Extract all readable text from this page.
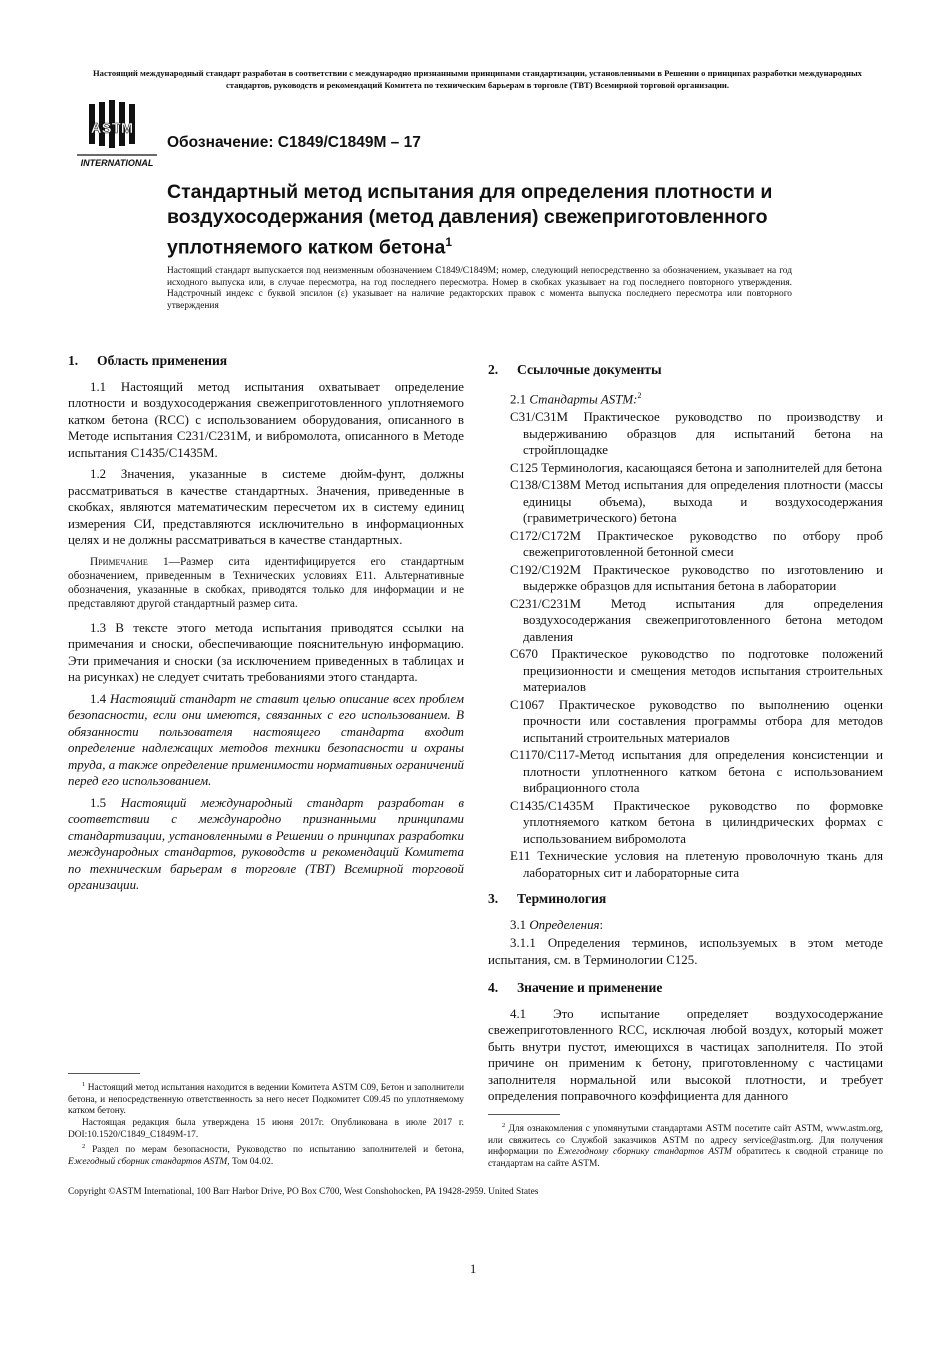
Настоящий международный стандарт разработан в соответствии с международно признанными принципами стандартизации, установленными в Решении о принципах разработки международных стандартов, руководств и рекомендаций Комитета по техническим барьерам в торговле (ТВТ) Всемирной торговой организации.
ASTM
INTERNATIONAL
Обозначение: C1849/C1849M – 17
Стандартный метод испытания для определения плотности и воздухосодержания (метод давления) свежеприготовленного уплотняемого катком бетона$^1$
Настоящий стандарт выпускается под неизменным обозначением C1849/C1849M; номер, следующий непосредственно за обозначением, указывает на год исходного выпуска или, в случае пересмотра, на год последнего пересмотра. Номер в скобках указывает на год последнего повторного утверждения. Надстрочный индекс с буквой эпсилон (ε) указывает на наличие редакторских правок с момента выпуска последнего пересмотра или повторного утверждения
1. Область применения

1.1 Настоящий метод испытания охватывает определение плотности и воздухосодержания свежеприготовленного уплотняемого катком бетона (RCC) с использованием оборудования, описанного в Методе испытания C231/C231M, и вибромолота, описанного в Методе испытания C1435/C1435M.

1.2 Значения, указанные в системе дюйм-фунт, должны рассматриваться в качестве стандартных. Значения, приведенные в скобках, являются математическим пересчетом их в систему единиц измерения СИ, представляются исключительно в информационных целях и не должны рассматриваться в качестве стандартных.

Примечание 1—Размер сита идентифицируется его стандартным обозначением, приведенным в Технических условиях E11. Альтернативные обозначения, указанные в скобках, приводятся только для информации и не представляют другой стандартный размер сита.

1.3 В тексте этого метода испытания приводятся ссылки на примечания и сноски, обеспечивающие пояснительную информацию. Эти примечания и сноски (за исключением приведенных в таблицах и на рисунках) не следует считать требованиями этого стандарта.

1.4 Настоящий стандарт не ставит целью описание всех проблем безопасности, если они имеются, связанных с его использованием. В обязанности пользователя настоящего стандарта входит определение надлежащих методов техники безопасности и охраны труда, а также определение применимости нормативных ограничений перед его использованием.

1.5 Настоящий международный стандарт разработан в соответствии с международно признанными принципами стандартизации, установленными в Решении о принципах разработки международных стандартов, руководств и рекомендаций Комитета по техническим барьерам в торговле (ТВТ) Всемирной торговой организации.

$^1$ Настоящий метод испытания находится в ведении Комитета ASTM C09, Бетон и заполнители бетона, и непосредственную ответственность за него несет Подкомитет C09.45 по уплотняемому катком бетону.

Настоящая редакция была утверждена 15 июня 2017г. Опубликована в июле 2017 г. DOI:10.1520/C1849_C1849M-17.

$^2$ Раздел по мерам безопасности, Руководство по испытанию заполнителей и бетона, Ежегодный сборник стандартов ASTM, Том 04.02.

2. Ссылочные документы

2.1 Стандарты ASTM:$^2$

C31/C31M Практическое руководство по производству и выдерживанию образцов для испытаний бетона на стройплощадке

C125 Терминология, касающаяся бетона и заполнителей для бетона

C138/C138M Метод испытания для определения плотности (массы единицы объема), выхода и воздухосодержания (гравиметрического) бетона

C172/C172M Практическое руководство по отбору проб свежеприготовленной бетонной смеси

C192/C192M Практическое руководство по изготовлению и выдержке образцов для испытания бетона в лаборатории

C231/C231M Метод испытания для определения воздухосодержания свежеприготовленного бетона методом давления

C670 Практическое руководство по подготовке положений прецизионности и смещения методов испытания строительных материалов

C1067 Практическое руководство по выполнению оценки прочности или составления программы отбора для методов испытаний строительных материалов

C1170/C117-Метод испытания для определения консистенции и плотности уплотненного катком бетона с использованием вибрационного стола

C1435/C1435M Практическое руководство по формовке уплотняемого катком бетона в цилиндрических формах с использованием вибромолота

E11 Технические условия на плетеную проволочную ткань для лабораторных сит и лабораторные сита

3. Терминология

3.1 Определения:

3.1.1 Определения терминов, используемых в этом методе испытания, см. в Терминологии C125.

4. Значение и применение

4.1 Это испытание определяет воздухосодержание свежеприготовленного RCC, исключая любой воздух, который может быть внутри пустот, имеющихся в частицах заполнителя. По этой причине он применим к бетону, приготовленному с частицами заполнителя нормальной или высокой плотности, и требует определения поправочного коэффициента для данного

$^2$ Для ознакомления с упомянутыми стандартами ASTM посетите сайт ASTM, www.astm.org, или свяжитесь со Службой заказчиков ASTM по адресу service@astm.org. Для получения информации по Ежегодному сборнику стандартов ASTM обратитесь к сводной странице по стандартам на сайте ASTM.

Copyright ©ASTM International, 100 Barr Harbor Drive, PO Box C700, West Conshohocken, PA 19428-2959. United States
1
